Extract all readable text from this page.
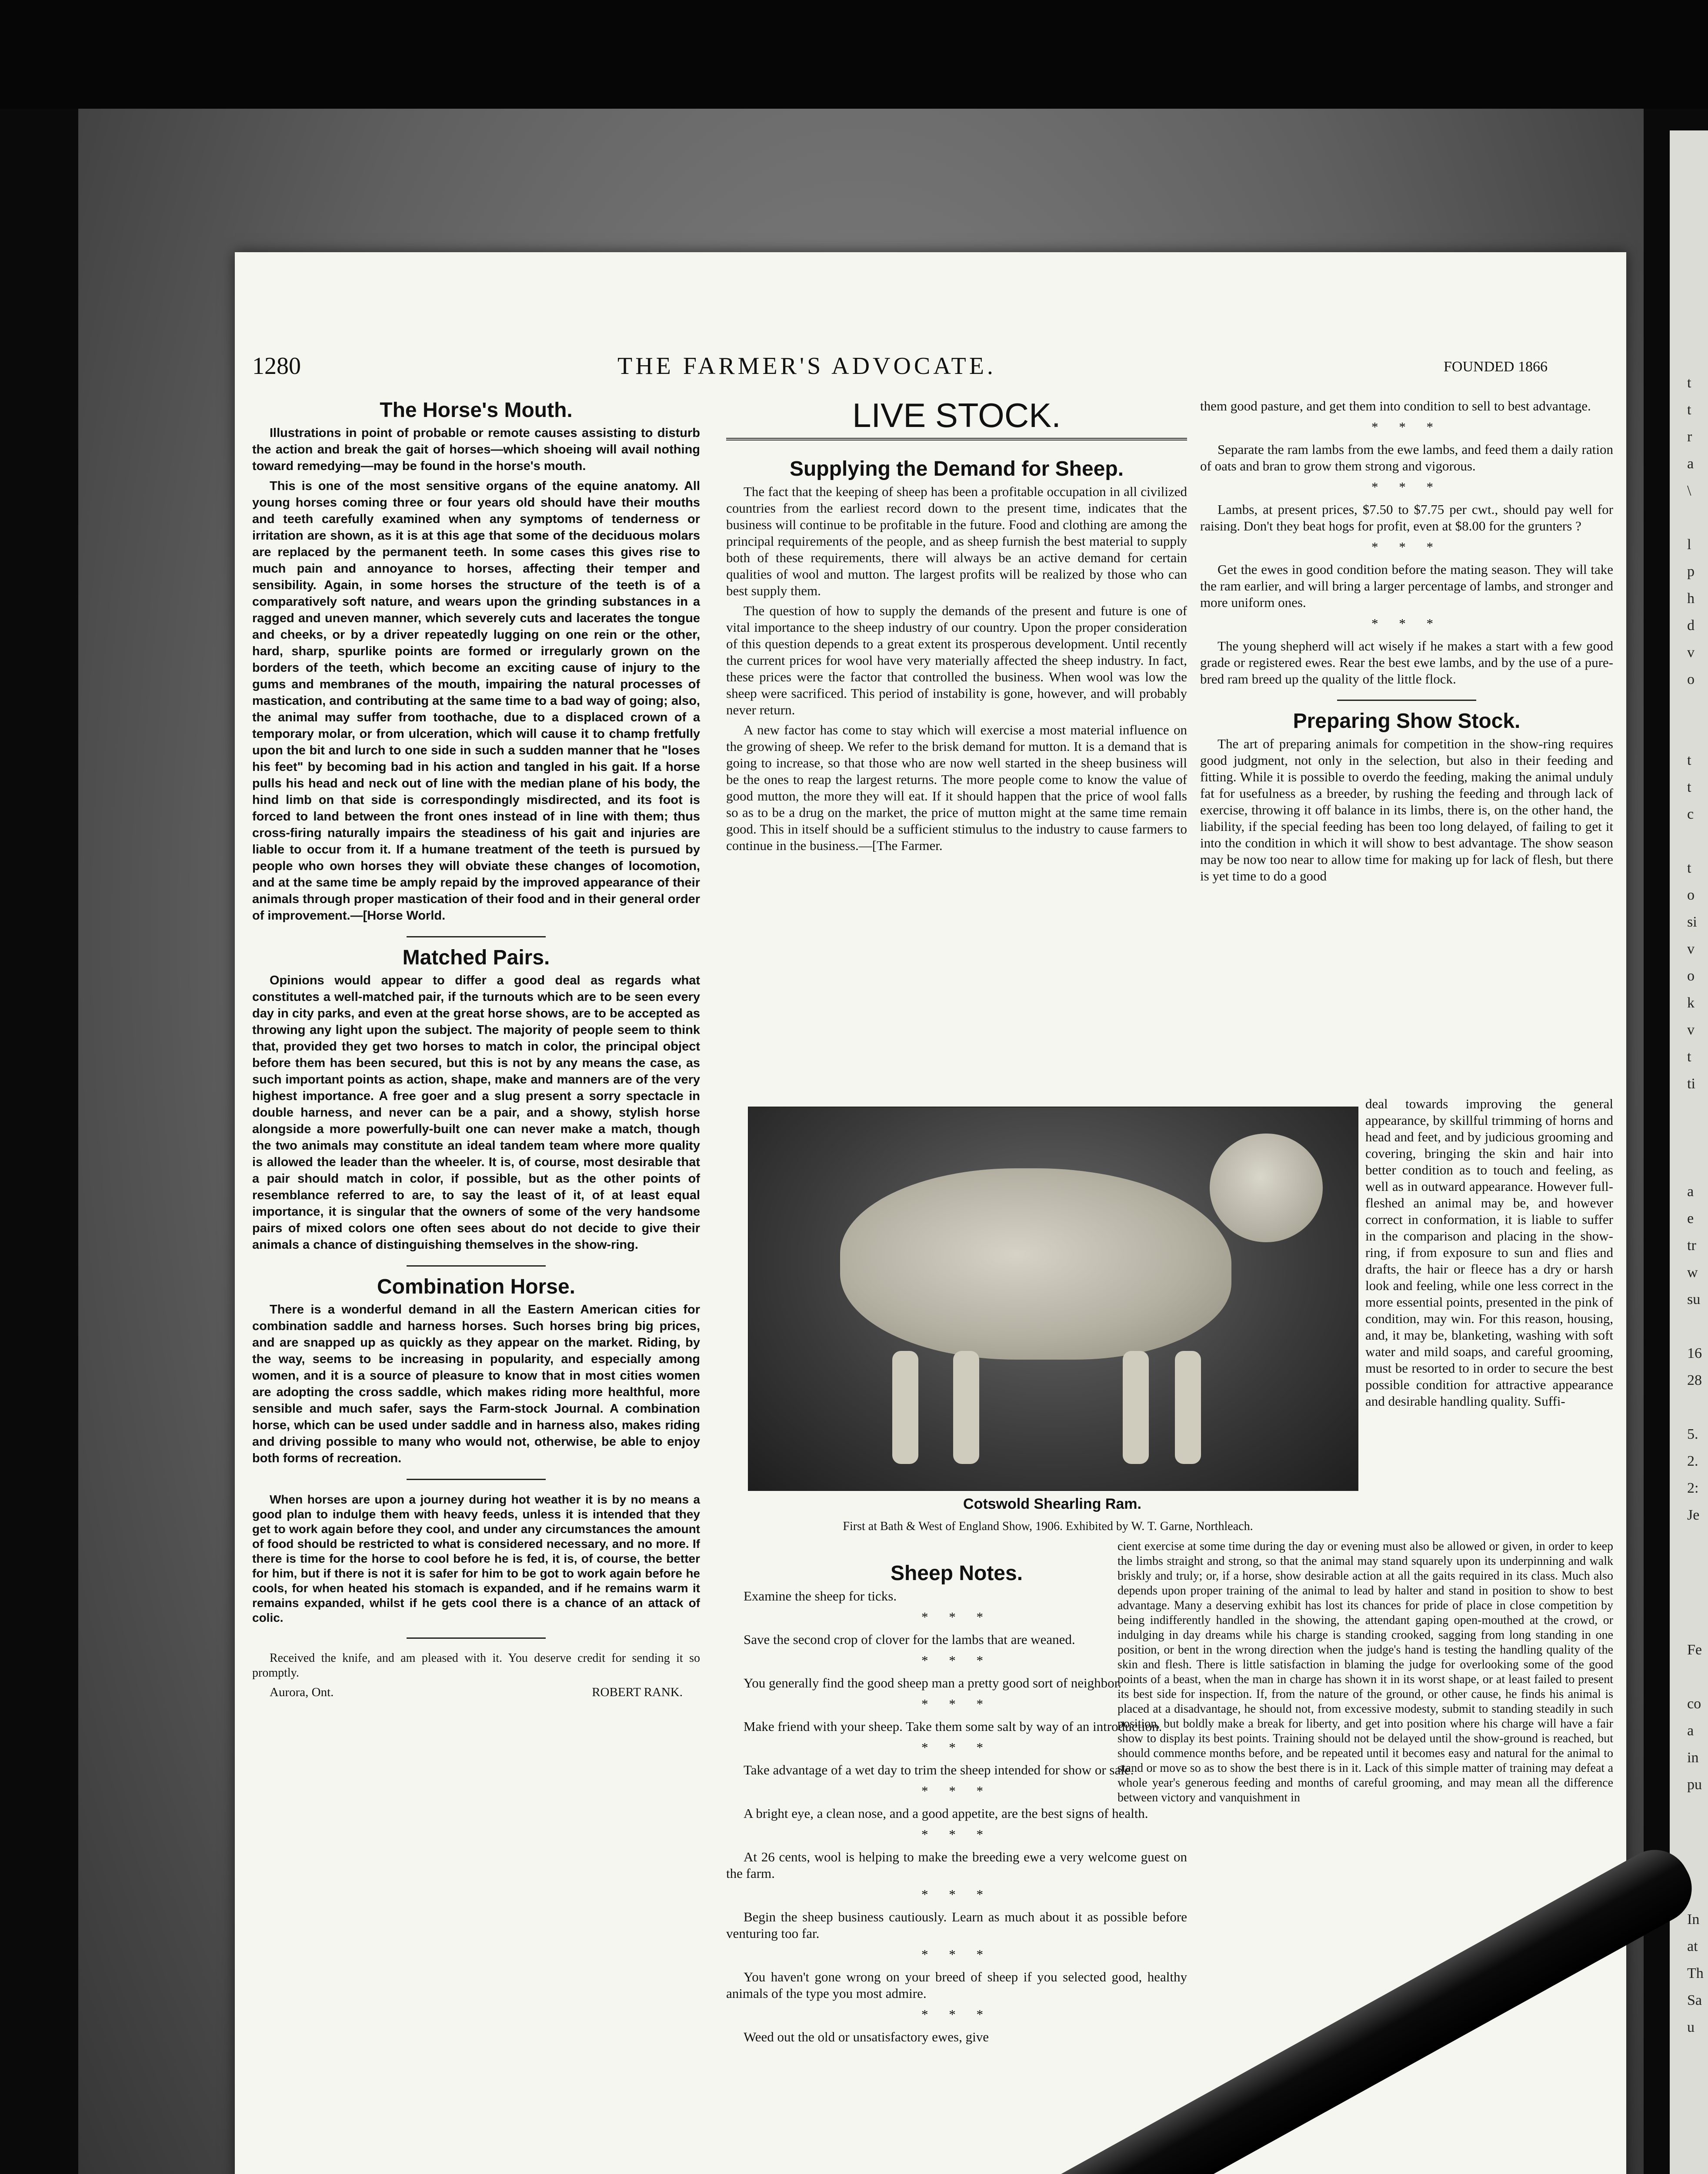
t
t
r
a
\

l
p
h
d
v
o

t
t
c

t
o
si
v
o
k
v
t
ti

a
e
tr
w
su

16
28

5.
2.
2:
Je

Fe

co
a
in
pu

In
at
Th
Sa
u
1280	THE FARMER'S ADVOCATE.	FOUNDED 1866
The Horse's Mouth.

Illustrations in point of probable or remote causes assisting to disturb the action and break the gait of horses—which shoeing will avail nothing toward remedying—may be found in the horse's mouth.

This is one of the most sensitive organs of the equine anatomy. All young horses coming three or four years old should have their mouths and teeth carefully examined when any symptoms of tenderness or irritation are shown, as it is at this age that some of the deciduous molars are replaced by the permanent teeth. In some cases this gives rise to much pain and annoyance to horses, affecting their temper and sensibility. Again, in some horses the structure of the teeth is of a comparatively soft nature, and wears upon the grinding substances in a ragged and uneven manner, which severely cuts and lacerates the tongue and cheeks, or by a driver repeatedly lugging on one rein or the other, hard, sharp, spurlike points are formed or irregularly grown on the borders of the teeth, which become an exciting cause of injury to the gums and membranes of the mouth, impairing the natural processes of mastication, and contributing at the same time to a bad way of going; also, the animal may suffer from toothache, due to a displaced crown of a temporary molar, or from ulceration, which will cause it to champ fretfully upon the bit and lurch to one side in such a sudden manner that he "loses his feet" by becoming bad in his action and tangled in his gait. If a horse pulls his head and neck out of line with the median plane of his body, the hind limb on that side is correspondingly misdirected, and its foot is forced to land between the front ones instead of in line with them; thus cross-firing naturally impairs the steadiness of his gait and injuries are liable to occur from it. If a humane treatment of the teeth is pursued by people who own horses they will obviate these changes of locomotion, and at the same time be amply repaid by the improved appearance of their animals through proper mastication of their food and in their general order of improvement.—[Horse World.

Matched Pairs.

Opinions would appear to differ a good deal as regards what constitutes a well-matched pair, if the turnouts which are to be seen every day in city parks, and even at the great horse shows, are to be accepted as throwing any light upon the subject. The majority of people seem to think that, provided they get two horses to match in color, the principal object before them has been secured, but this is not by any means the case, as such important points as action, shape, make and manners are of the very highest importance. A free goer and a slug present a sorry spectacle in double harness, and never can be a pair, and a showy, stylish horse alongside a more powerfully-built one can never make a match, though the two animals may constitute an ideal tandem team where more quality is allowed the leader than the wheeler. It is, of course, most desirable that a pair should match in color, if possible, but as the other points of resemblance referred to are, to say the least of it, of at least equal importance, it is singular that the owners of some of the very handsome pairs of mixed colors one often sees about do not decide to give their animals a chance of distinguishing themselves in the show-ring.

Combination Horse.

There is a wonderful demand in all the Eastern American cities for combination saddle and harness horses. Such horses bring big prices, and are snapped up as quickly as they appear on the market. Riding, by the way, seems to be increasing in popularity, and especially among women, and it is a source of pleasure to know that in most cities women are adopting the cross saddle, which makes riding more healthful, more sensible and much safer, says the Farm-stock Journal. A combination horse, which can be used under saddle and in harness also, makes riding and driving possible to many who would not, otherwise, be able to enjoy both forms of recreation.

When horses are upon a journey during hot weather it is by no means a good plan to indulge them with heavy feeds, unless it is intended that they get to work again before they cool, and under any circumstances the amount of food should be restricted to what is considered necessary, and no more. If there is time for the horse to cool before he is fed, it is, of course, the better for him, but if there is not it is safer for him to be got to work again before he cools, for when heated his stomach is expanded, and if he remains warm it remains expanded, whilst if he gets cool there is a chance of an attack of colic.

Received the knife, and am pleased with it. You deserve credit for sending it so promptly.

Aurora, Ont.	ROBERT RANK.
LIVE STOCK.
Supplying the Demand for Sheep.

The fact that the keeping of sheep has been a profitable occupation in all civilized countries from the earliest record down to the present time, indicates that the business will continue to be profitable in the future. Food and clothing are among the principal requirements of the people, and as sheep furnish the best material to supply both of these requirements, there will always be an active demand for certain qualities of wool and mutton. The largest profits will be realized by those who can best supply them.

The question of how to supply the demands of the present and future is one of vital importance to the sheep industry of our country. Upon the proper consideration of this question depends to a great extent its prosperous development. Until recently the current prices for wool have very materially affected the sheep industry. In fact, these prices were the factor that controlled the business. When wool was low the sheep were sacrificed. This period of instability is gone, however, and will probably never return.

A new factor has come to stay which will exercise a most material influence on the growing of sheep. We refer to the brisk demand for mutton. It is a demand that is going to increase, so that those who are now well started in the sheep business will be the ones to reap the largest returns. The more people come to know the value of good mutton, the more they will eat. If it should happen that the price of wool falls so as to be a drug on the market, the price of mutton might at the same time remain good. This in itself should be a sufficient stimulus to the industry to cause farmers to continue in the business.—[The Farmer.

Cotswold Shearling Ram.
First at Bath & West of England Show, 1906. Exhibited by W. T. Garne, Northleach.
Sheep Notes.

Examine the sheep for ticks.

* * *

Save the second crop of clover for the lambs that are weaned.

* * *

You generally find the good sheep man a pretty good sort of neighbor.

* * *

Make friend with your sheep. Take them some salt by way of an introduction.

* * *

Take advantage of a wet day to trim the sheep intended for show or sale.

* * *

A bright eye, a clean nose, and a good appetite, are the best signs of health.

* * *

At 26 cents, wool is helping to make the breeding ewe a very welcome guest on the farm.

* * *

Begin the sheep business cautiously. Learn as much about it as possible before venturing too far.

* * *

You haven't gone wrong on your breed of sheep if you selected good, healthy animals of the type you most admire.

* * *

Weed out the old or unsatisfactory ewes, give

them good pasture, and get them into condition to sell to best advantage.

* * *

Separate the ram lambs from the ewe lambs, and feed them a daily ration of oats and bran to grow them strong and vigorous.

* * *

Lambs, at present prices, $7.50 to $7.75 per cwt., should pay well for raising. Don't they beat hogs for profit, even at $8.00 for the grunters ?

* * *

Get the ewes in good condition before the mating season. They will take the ram earlier, and will bring a larger percentage of lambs, and stronger and more uniform ones.

* * *

The young shepherd will act wisely if he makes a start with a few good grade or registered ewes. Rear the best ewe lambs, and by the use of a pure-bred ram breed up the quality of the little flock.

Preparing Show Stock.

The art of preparing animals for competition in the show-ring requires good judgment, not only in the selection, but also in their feeding and fitting. While it is possible to overdo the feeding, making the animal unduly fat for usefulness as a breeder, by rushing the feeding and through lack of exercise, throwing it off balance in its limbs, there is, on the other hand, the liability, if the special feeding has been too long delayed, of failing to get it into the condition in which it will show to best advantage. The show season may be now too near to allow time for making up for lack of flesh, but there is yet time to do a good

deal towards improving the general appearance, by skillful trimming of horns and head and feet, and by judicious grooming and covering, bringing the skin and hair into better condition as to touch and feeling, as well as in outward appearance. However full-fleshed an animal may be, and however correct in conformation, it is liable to suffer in the comparison and placing in the show-ring, if from exposure to sun and flies and drafts, the hair or fleece has a dry or harsh look and feeling, while one less correct in the more essential points, presented in the pink of condition, may win. For this reason, housing, and, it may be, blanketing, washing with soft water and mild soaps, and careful grooming, must be resorted to in order to secure the best possible condition for attractive appearance and desirable handling quality. Suffi-

cient exercise at some time during the day or evening must also be allowed or given, in order to keep the limbs straight and strong, so that the animal may stand squarely upon its underpinning and walk briskly and truly; or, if a horse, show desirable action at all the gaits required in its class. Much also depends upon proper training of the animal to lead by halter and stand in position to show to best advantage. Many a deserving exhibit has lost its chances for pride of place in close competition by being indifferently handled in the showing, the attendant gaping open-mouthed at the crowd, or indulging in day dreams while his charge is standing crooked, sagging from long standing in one position, or bent in the wrong direction when the judge's hand is testing the handling quality of the skin and flesh. There is little satisfaction in blaming the judge for overlooking some of the good points of a beast, when the man in charge has shown it in its worst shape, or at least failed to present its best side for inspection. If, from the nature of the ground, or other cause, he finds his animal is placed at a disadvantage, he should not, from excessive modesty, submit to standing steadily in such position, but boldly make a break for liberty, and get into position where his charge will have a fair show to display its best points. Training should not be delayed until the show-ground is reached, but should commence months before, and be repeated until it becomes easy and natural for the animal to stand or move so as to show the best there is in it. Lack of this simple matter of training may defeat a whole year's generous feeding and months of careful grooming, and may mean all the difference between victory and vanquishment in
